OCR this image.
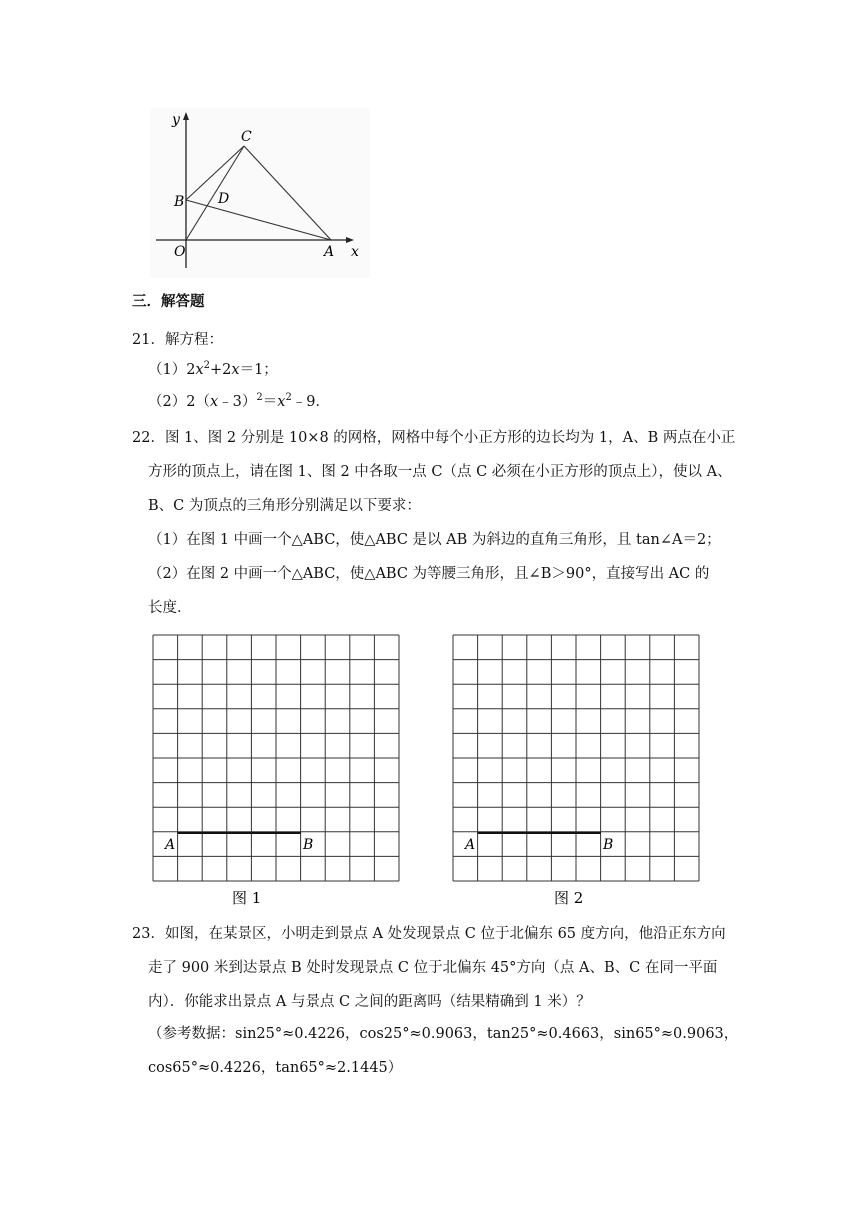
y
x
C
B D
O	A
三．解答题
21．解方程：
$(1)2x^2+2x=1$；
$(2)2(x﹣3)^2=x^2﹣9$．
22．图 1、图 2 分别是 10×8 的网格，网格中每个小正方形的边长均为 1，A、B 两点在小正
方形的顶点上，请在图 1、图 2 中各取一点 C（点 C 必须在小正方形的顶点上），使以 A、
B、C 为顶点的三角形分别满足以下要求：
（1）在图 1 中画一个△ABC，使△ABC 是以 AB 为斜边的直角三角形，且 tan∠A＝2；
（2）在图 2 中画一个△ABC，使△ABC 为等腰三角形，且∠B＞90°，直接写出 AC 的
长度．
A	B
图 1
A	B
图 2
23．如图，在某景区，小明走到景点 A 处发现景点 C 位于北偏东 65 度方向，他沿正东方向
走了 900 米到达景点 B 处时发现景点 C 位于北偏东 45°方向（点 A、B、C 在同一平面
内）．你能求出景点 A 与景点 C 之间的距离吗（结果精确到 1 米）？
（参考数据：sin25°≈0.4226，cos25°≈0.9063，tan25°≈0.4663，sin65°≈0.9063，
cos65°≈0.4226，tan65°≈2.1445）
